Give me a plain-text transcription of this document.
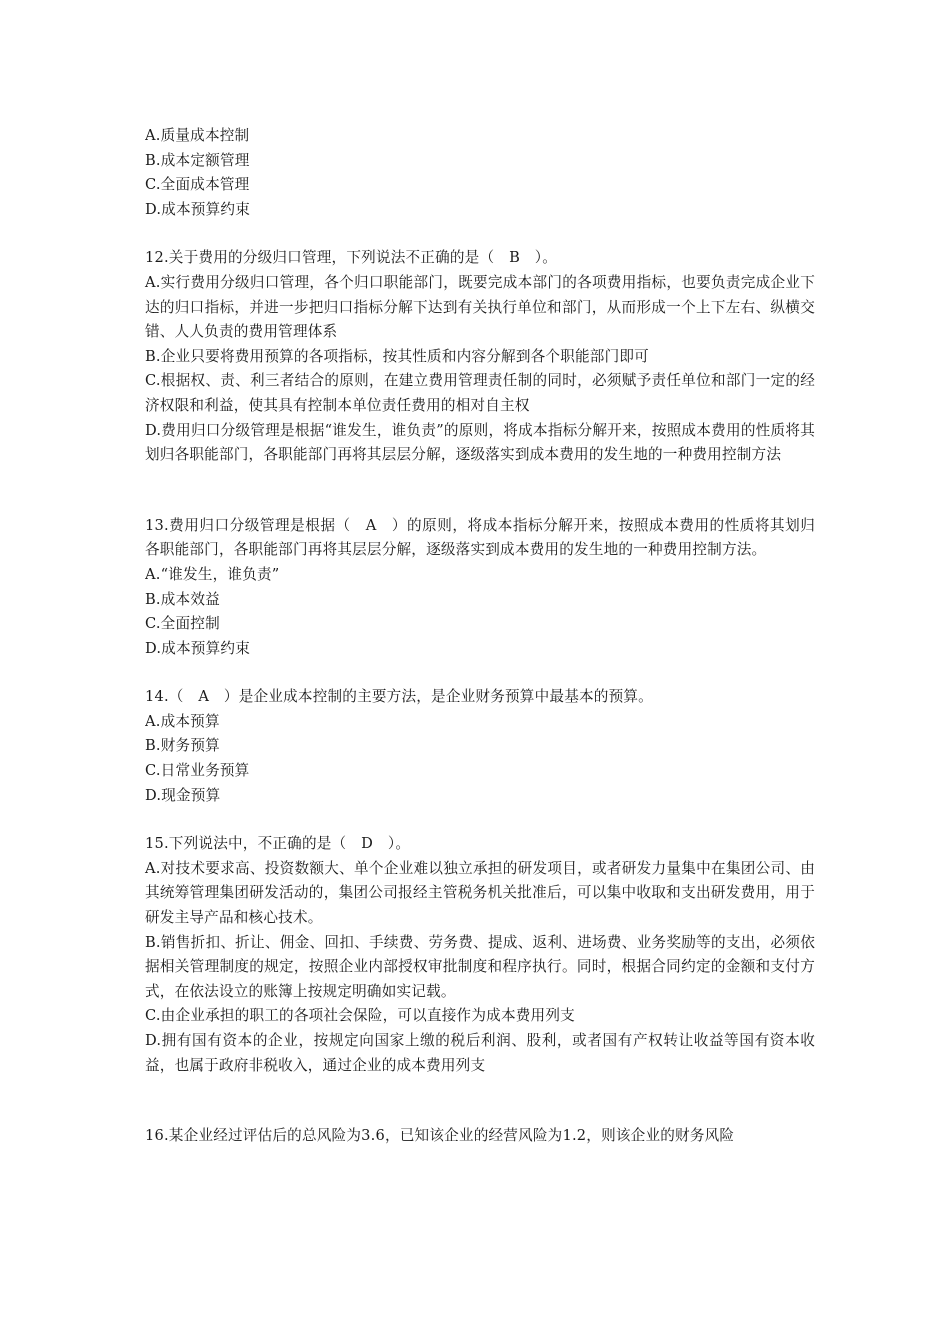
A.质量成本控制
B.成本定额管理
C.全面成本管理
D.成本预算约束
12.关于费用的分级归口管理，下列说法不正确的是（　B　）。
A.实行费用分级归口管理，各个归口职能部门，既要完成本部门的各项费用指标，也要负责完成企业下达的归口指标，并进一步把归口指标分解下达到有关执行单位和部门，从而形成一个上下左右、纵横交错、人人负责的费用管理体系
B.企业只要将费用预算的各项指标，按其性质和内容分解到各个职能部门即可
C.根据权、责、利三者结合的原则，在建立费用管理责任制的同时，必须赋予责任单位和部门一定的经济权限和利益，使其具有控制本单位责任费用的相对自主权
D.费用归口分级管理是根据“谁发生，谁负责”的原则，将成本指标分解开来，按照成本费用的性质将其划归各职能部门，各职能部门再将其层层分解，逐级落实到成本费用的发生地的一种费用控制方法
13.费用归口分级管理是根据（　A　）的原则，将成本指标分解开来，按照成本费用的性质将其划归各职能部门，各职能部门再将其层层分解，逐级落实到成本费用的发生地的一种费用控制方法。
A.“谁发生，谁负责”
B.成本效益
C.全面控制
D.成本预算约束
14.（　A　）是企业成本控制的主要方法，是企业财务预算中最基本的预算。
A.成本预算
B.财务预算
C.日常业务预算
D.现金预算
15.下列说法中，不正确的是（　D　）。
A.对技术要求高、投资数额大、单个企业难以独立承担的研发项目，或者研发力量集中在集团公司、由其统筹管理集团研发活动的，集团公司报经主管税务机关批准后，可以集中收取和支出研发费用，用于研发主导产品和核心技术。
B.销售折扣、折让、佣金、回扣、手续费、劳务费、提成、返利、进场费、业务奖励等的支出，必须依据相关管理制度的规定，按照企业内部授权审批制度和程序执行。同时，根据合同约定的金额和支付方式，在依法设立的账簿上按规定明确如实记载。
C.由企业承担的职工的各项社会保险，可以直接作为成本费用列支
D.拥有国有资本的企业，按规定向国家上缴的税后利润、股利，或者国有产权转让收益等国有资本收益，也属于政府非税收入，通过企业的成本费用列支
16.某企业经过评估后的总风险为3.6，已知该企业的经营风险为1.2，则该企业的财务风险
